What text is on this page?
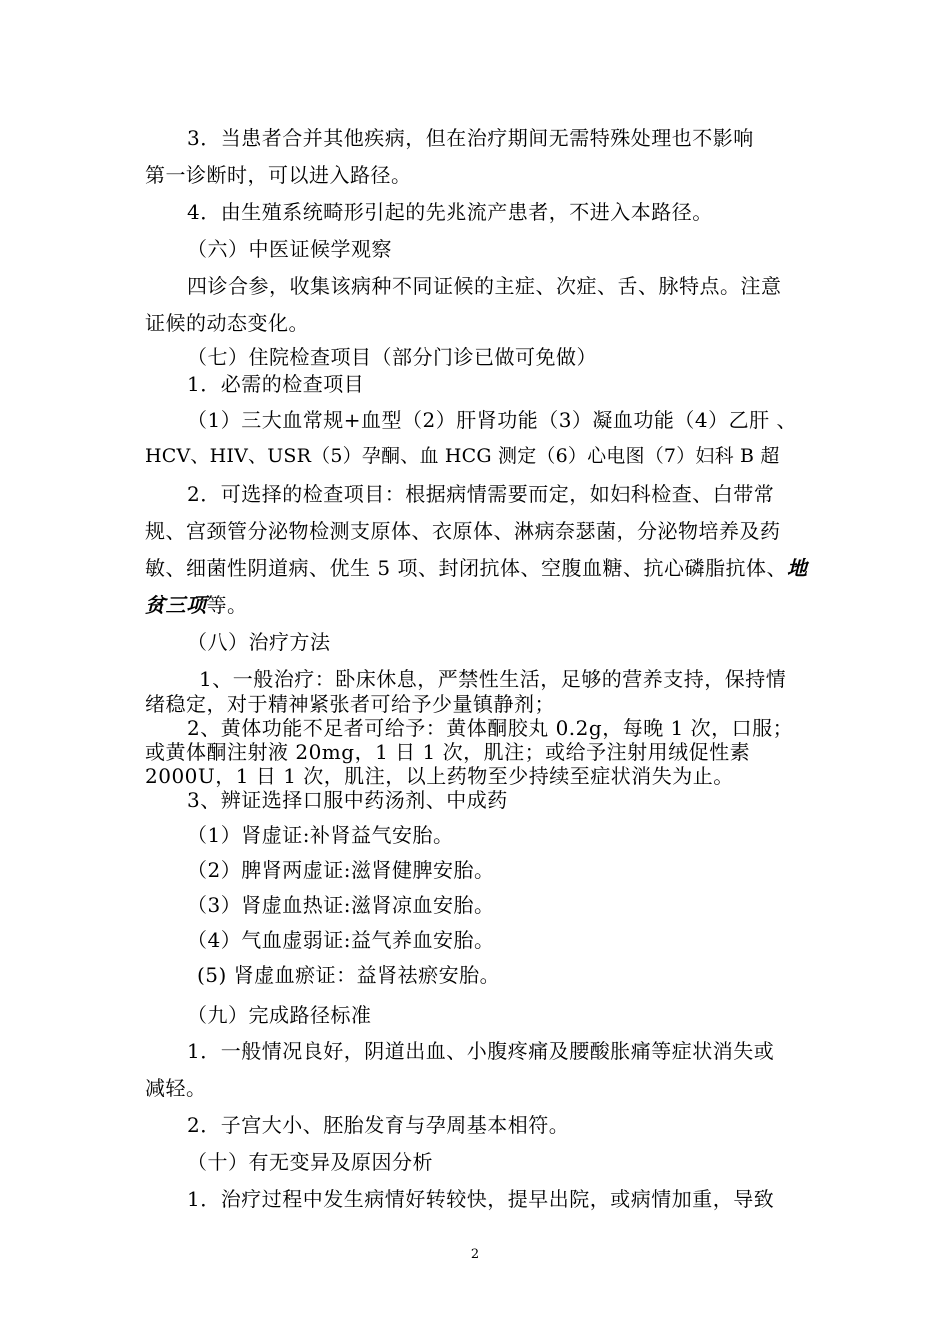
3．当患者合并其他疾病，但在治疗期间无需特殊处理也不影响
第一诊断时，可以进入路径。
4．由生殖系统畸形引起的先兆流产患者，不进入本路径。
（六）中医证候学观察
四诊合参，收集该病种不同证候的主症、次症、舌、脉特点。注意
证候的动态变化。
（七）住院检查项目（部分门诊已做可免做）
1．必需的检查项目
（1）三大血常规+血型（2）肝肾功能（3）凝血功能（4）乙肝 、
HCV、HIV、USR（5）孕酮、血 HCG 测定（6）心电图（7）妇科 B 超
2．可选择的检查项目：根据病情需要而定，如妇科检查、白带常
规、宫颈管分泌物检测支原体、衣原体、淋病奈瑟菌，分泌物培养及药
敏、细菌性阴道病、优生 5 项、封闭抗体、空腹血糖、抗心磷脂抗体、地
贫三项等。
（八）治疗方法
1、一般治疗：卧床休息，严禁性生活，足够的营养支持，保持情
绪稳定，对于精神紧张者可给予少量镇静剂；
2、黄体功能不足者可给予：黄体酮胶丸 0.2g，每晚 1 次，口服；
或黄体酮注射液 20mg，1 日 1 次，肌注；或给予注射用绒促性素
2000U，1 日 1 次，肌注，以上药物至少持续至症状消失为止。
3、辨证选择口服中药汤剂、中成药
（1）肾虚证:补肾益气安胎。
（2）脾肾两虚证:滋肾健脾安胎。
（3）肾虚血热证:滋肾凉血安胎。
（4）气血虚弱证:益气养血安胎。
(5) 肾虚血瘀证：益肾祛瘀安胎。
（九）完成路径标准
1．一般情况良好，阴道出血、小腹疼痛及腰酸胀痛等症状消失或
减轻。
2．子宫大小、胚胎发育与孕周基本相符。
（十）有无变异及原因分析
1．治疗过程中发生病情好转较快，提早出院，或病情加重，导致
2
